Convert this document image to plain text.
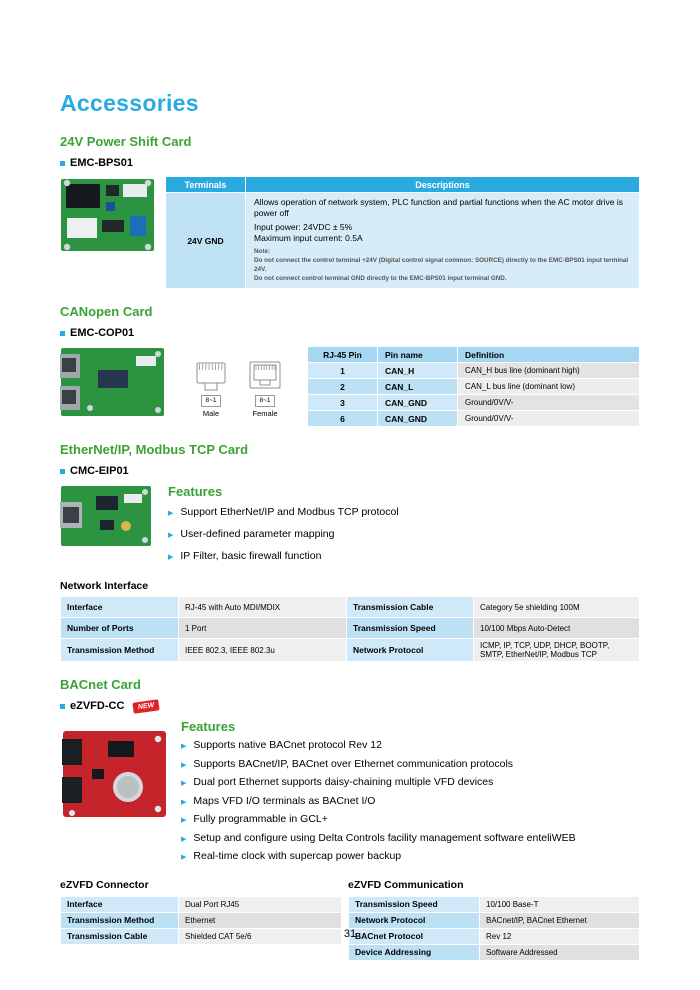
Accessories
24V Power Shift Card
EMC-BPS01
Terminals	Descriptions
24V GND	
Allows operation of network system, PLC function and partial functions when the AC motor drive is power off
Input power: 24VDC ± 5%
Maximum input current: 0.5A
Note:
Do not connect the control terminal +24V (Digital control signal common: SOURCE) directly to the EMC-BPS01 input terminal 24V.
Do not connect control terminal GND directly to the EMC-BPS01 input terminal GND.
CANopen Card
EMC-COP01
8~1
Male
8~1
Female
RJ-45 Pin	Pin name	Definition
1	CAN_H	CAN_H bus line (dominant high)
2	CAN_L	CAN_L bus line (dominant low)
3	CAN_GND	Ground/0V/V-
6	CAN_GND	Ground/0V/V-
EtherNet/IP, Modbus TCP Card
CMC-EIP01
Features
▶ Support EtherNet/IP and Modbus TCP protocol
▶ User-defined parameter mapping
▶ IP Filter, basic firewall function
Network Interface
Interface	RJ-45 with Auto MDI/MDIX	Transmission Cable	Category 5e shielding 100M
Number of Ports	1 Port	Transmission Speed	10/100 Mbps Auto-Detect
Transmission Method	IEEE 802.3, IEEE 802.3u	Network Protocol	ICMP, IP, TCP, UDP, DHCP, BOOTP, SMTP, EtherNet/IP, Modbus TCP
BACnet Card
eZVFD-CC	NEW
Features
▶ Supports native BACnet protocol Rev 12
▶ Supports BACnet/IP, BACnet over Ethernet communication protocols
▶ Dual port Ethernet supports daisy-chaining multiple VFD devices
▶ Maps VFD I/O terminals as BACnet I/O
▶ Fully programmable in GCL+
▶ Setup and configure using Delta Controls facility management software enteliWEB
▶ Real-time clock with supercap power backup
eZVFD Connector
Interface	Dual Port RJ45
Transmission Method	Ethernet
Transmission Cable	Shielded CAT 5e/6
eZVFD Communication
Transmission Speed	10/100 Base-T
Network Protocol	BACnet/IP, BACnet Ethernet
BACnet Protocol	Rev 12
Device Addressing	Software Addressed
31
